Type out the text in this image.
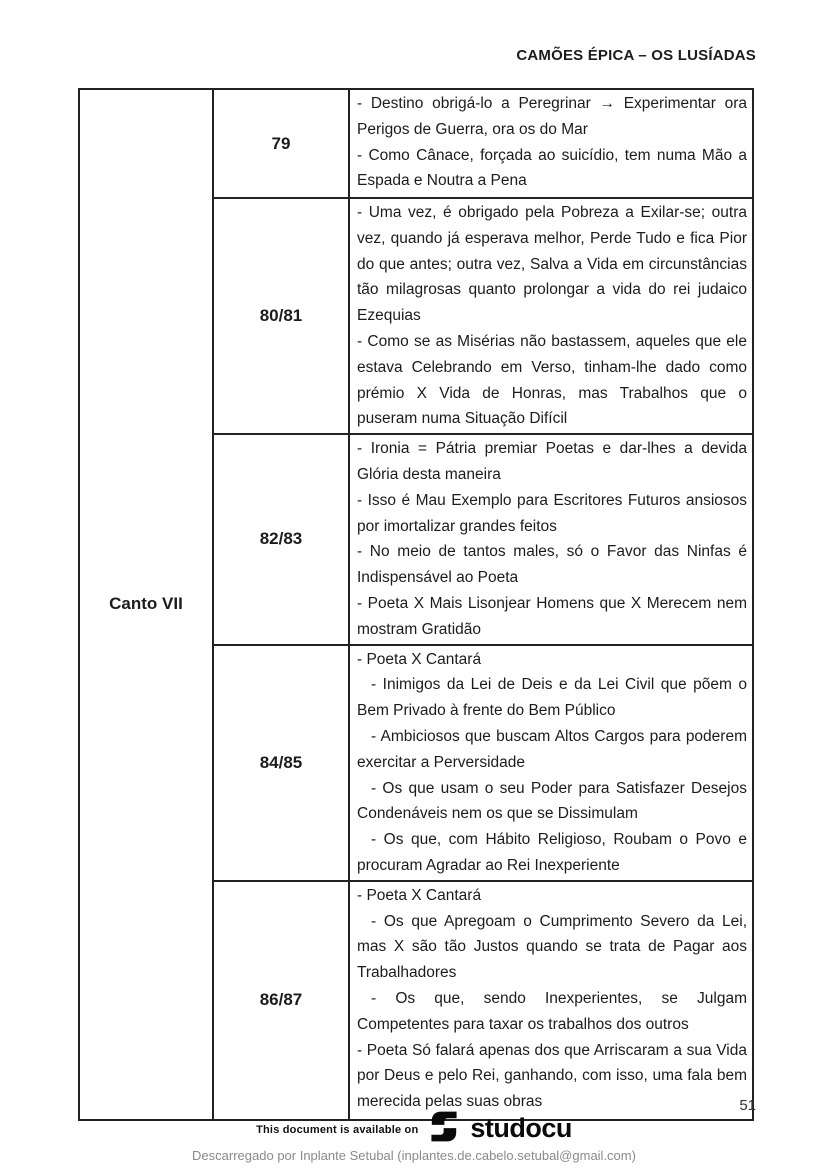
CAMÕES ÉPICA – OS LUSÍADAS
Canto VII	79	- Destino obrigá-lo a Peregrinar → Experimentar ora Perigos de Guerra, ora os do Mar
- Como Cânace, forçada ao suicídio, tem numa Mão a Espada e Noutra a Pena

	80/81	- Uma vez, é obrigado pela Pobreza a Exilar-se; outra vez, quando já esperava melhor, Perde Tudo e fica Pior do que antes; outra vez, Salva a Vida em circunstâncias tão milagrosas quanto prolongar a vida do rei judaico Ezequias
- Como se as Misérias não bastassem, aqueles que ele estava Celebrando em Verso, tinham-lhe dado como prémio X Vida de Honras, mas Trabalhos que o puseram numa Situação Difícil

	82/83	- Ironia = Pátria premiar Poetas e dar-lhes a devida Glória desta maneira
- Isso é Mau Exemplo para Escritores Futuros ansiosos por imortalizar grandes feitos
- No meio de tantos males, só o Favor das Ninfas é Indispensável ao Poeta
- Poeta X Mais Lisonjear Homens que X Merecem nem mostram Gratidão

	84/85	- Poeta X Cantará
- Inimigos da Lei de Deis e da Lei Civil que põem o Bem Privado à frente do Bem Público
- Ambiciosos que buscam Altos Cargos para poderem exercitar a Perversidade
- Os que usam o seu Poder para Satisfazer Desejos Condenáveis nem os que se Dissimulam
- Os que, com Hábito Religioso, Roubam o Povo e procuram Agradar ao Rei Inexperiente

	86/87	- Poeta X Cantará
- Os que Apregoam o Cumprimento Severo da Lei, mas X são tão Justos quando se trata de Pagar aos Trabalhadores
- Os que, sendo Inexperientes, se Julgam Competentes para taxar os trabalhos dos outros
- Poeta Só falará apenas dos que Arriscaram a sua Vida por Deus e pelo Rei, ganhando, com isso, uma fala bem merecida pelas suas obras	51
This document is available on studocu
Descarregado por Inplante Setubal (inplantes.de.cabelo.setubal@gmail.com)
